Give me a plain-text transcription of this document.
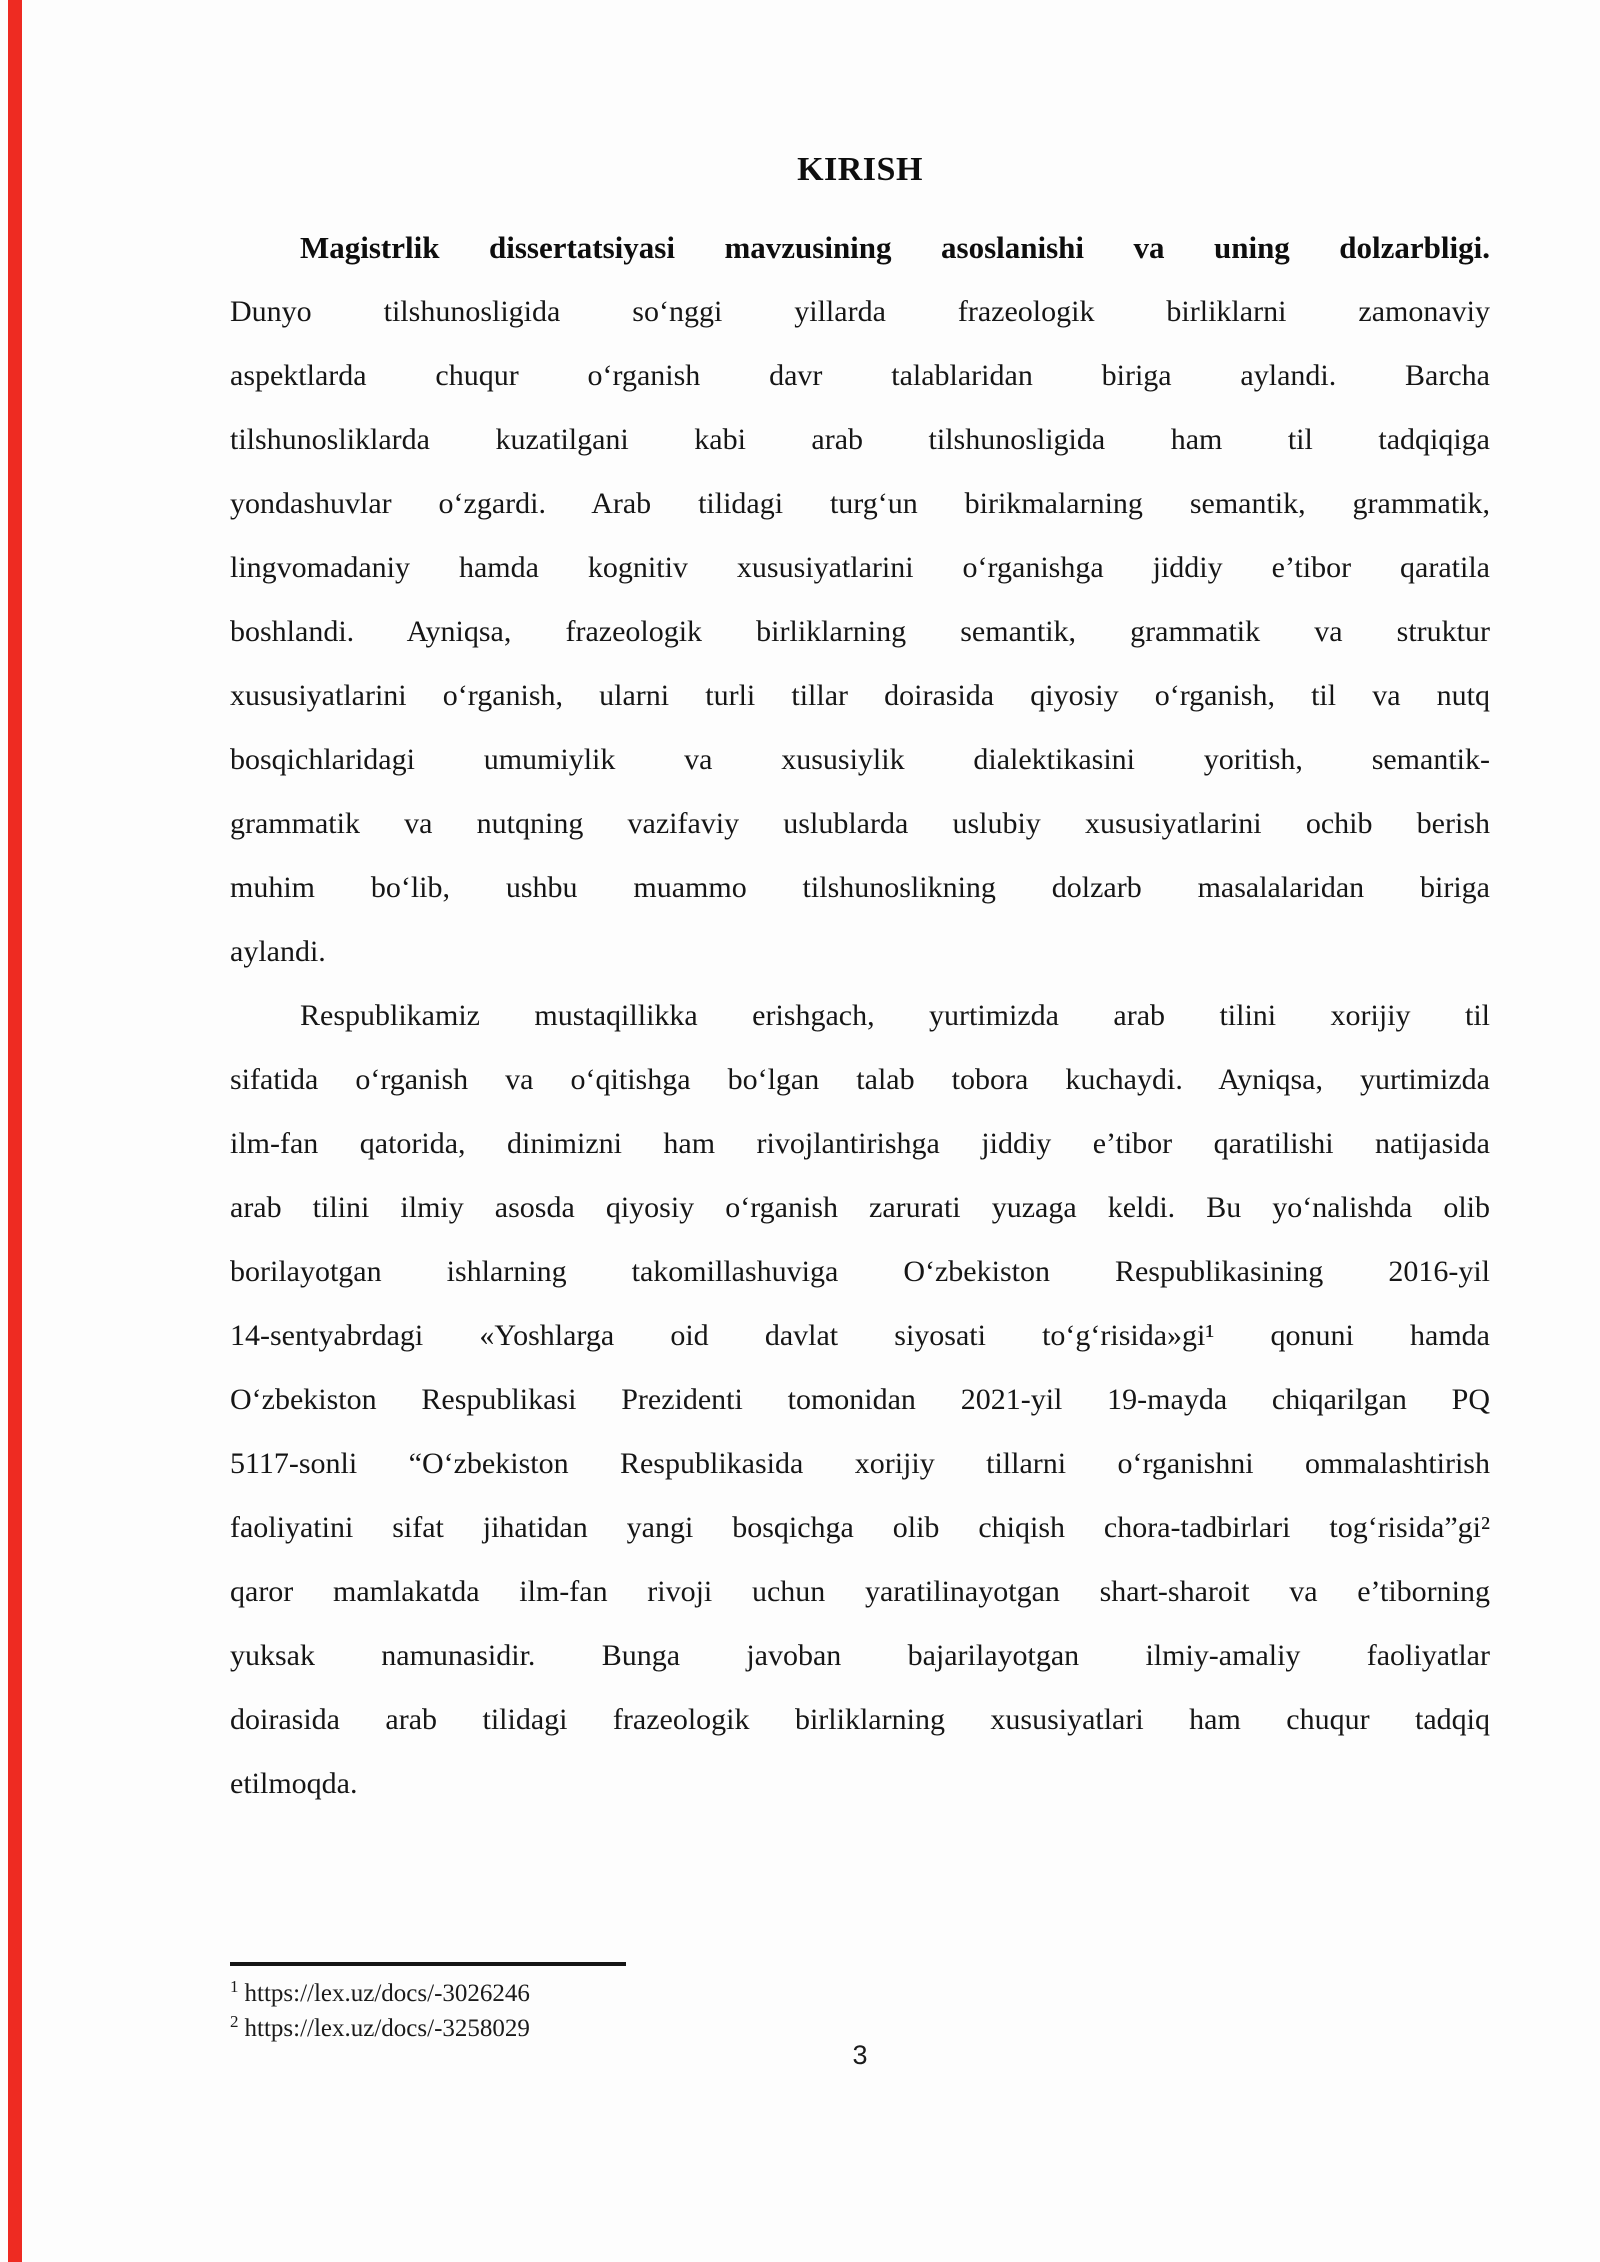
KIRISH
Magistrlik dissertatsiyasi mavzusining asoslanishi va uning dolzarbligi.
Dunyo tilshunosligida so‘nggi yillarda frazeologik birliklarni zamonaviy
aspektlarda chuqur o‘rganish davr talablaridan biriga aylandi. Barcha
tilshunosliklarda kuzatilgani kabi arab tilshunosligida ham til tadqiqiga
yondashuvlar o‘zgardi. Arab tilidagi turg‘un birikmalarning semantik, grammatik,
lingvomadaniy hamda kognitiv xususiyatlarini o‘rganishga jiddiy e’tibor qaratila
boshlandi. Ayniqsa, frazeologik birliklarning semantik, grammatik va struktur
xususiyatlarini o‘rganish, ularni turli tillar doirasida qiyosiy o‘rganish, til va nutq
bosqichlaridagi umumiylik va xususiylik dialektikasini yoritish, semantik-
grammatik va nutqning vazifaviy uslublarda uslubiy xususiyatlarini ochib berish
muhim bo‘lib, ushbu muammo tilshunoslikning dolzarb masalalaridan biriga
aylandi.
Respublikamiz mustaqillikka erishgach, yurtimizda arab tilini xorijiy til
sifatida o‘rganish va o‘qitishga bo‘lgan talab tobora kuchaydi. Ayniqsa, yurtimizda
ilm-fan qatorida, dinimizni ham rivojlantirishga jiddiy e’tibor qaratilishi natijasida
arab tilini ilmiy asosda qiyosiy o‘rganish zarurati yuzaga keldi. Bu yo‘nalishda olib
borilayotgan ishlarning takomillashuviga O‘zbekiston Respublikasining 2016-yil
14-sentyabrdagi «Yoshlarga oid davlat siyosati to‘g‘risida»gi¹ qonuni hamda
O‘zbekiston Respublikasi Prezidenti tomonidan 2021-yil 19-mayda chiqarilgan PQ
5117-sonli “O‘zbekiston Respublikasida xorijiy tillarni o‘rganishni ommalashtirish
faoliyatini sifat jihatidan yangi bosqichga olib chiqish chora-tadbirlari tog‘risida”gi²
qaror mamlakatda ilm-fan rivoji uchun yaratilinayotgan shart-sharoit va e’tiborning
yuksak namunasidir. Bunga javoban bajarilayotgan ilmiy-amaliy faoliyatlar
doirasida arab tilidagi frazeologik birliklarning xususiyatlari ham chuqur tadqiq
etilmoqda.
$^1$ https://lex.uz/docs/-3026246
$^2$ https://lex.uz/docs/-3258029
3
